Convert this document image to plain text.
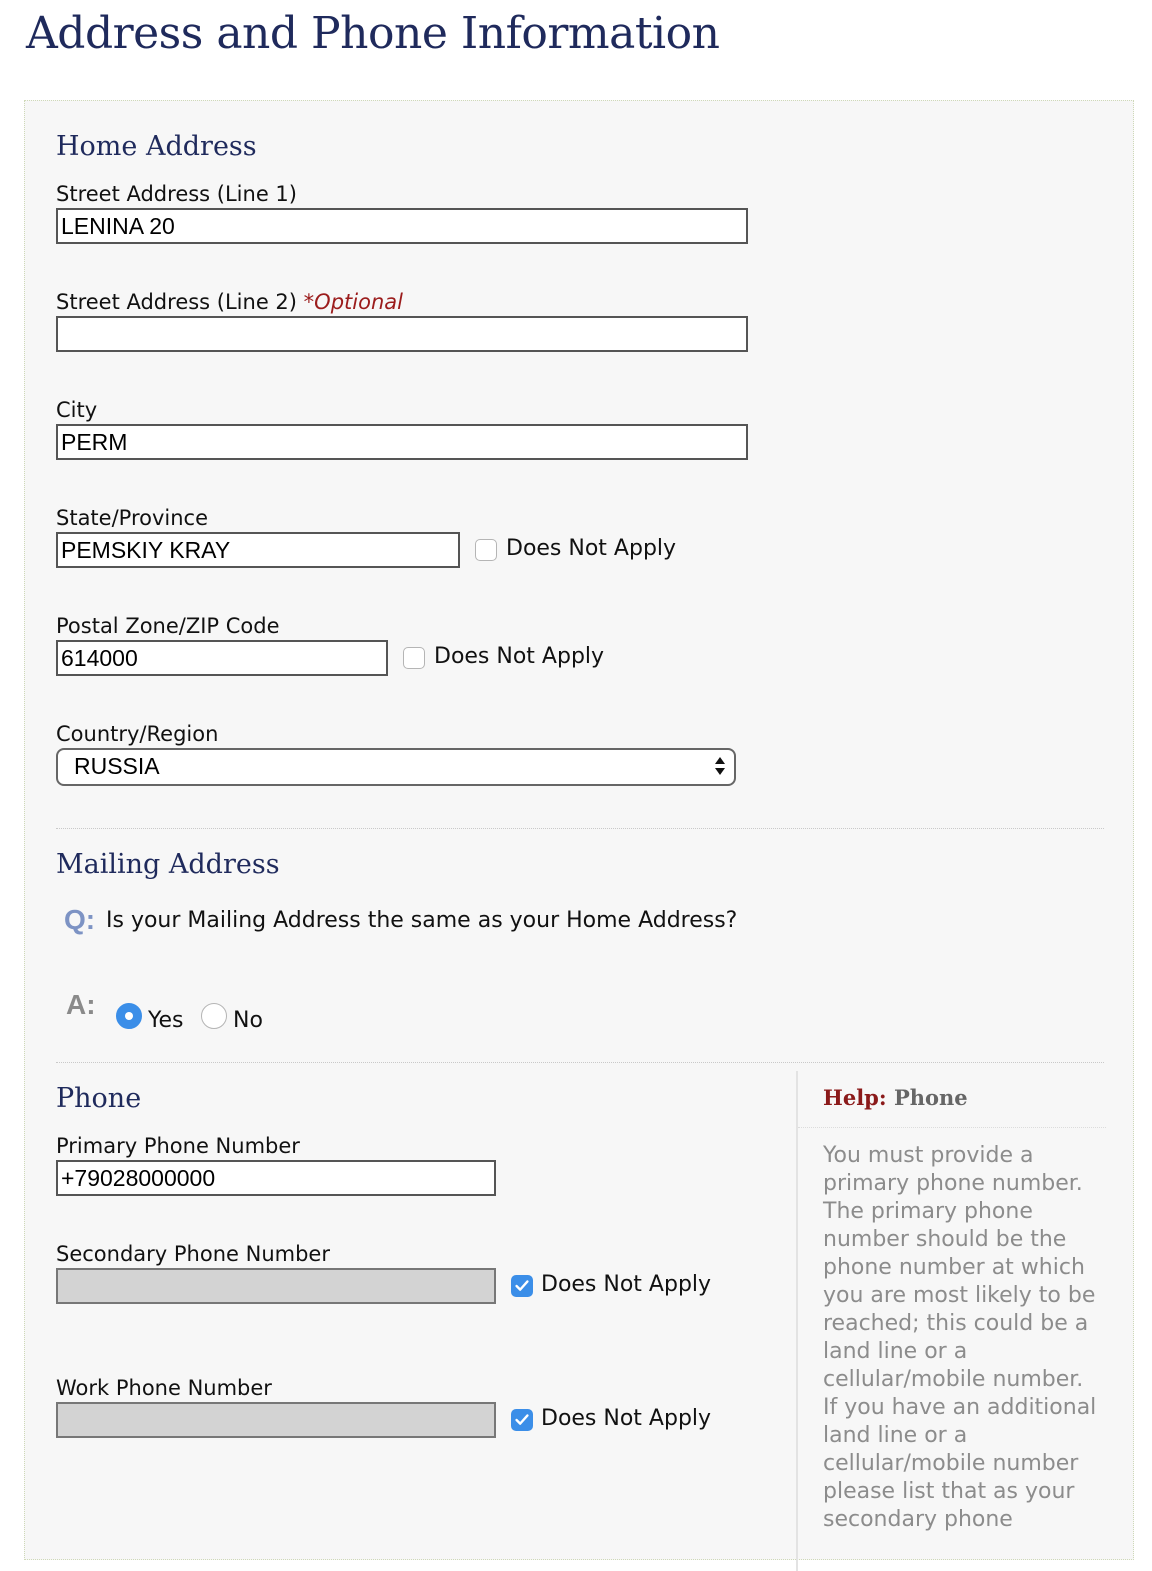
Address and Phone Information
Home Address
Street Address (Line 1)
LENINA 20
Street Address (Line 2) *Optional
City
PERM
State/Province
PEMSKIY KRAY
Does Not Apply
Postal Zone/ZIP Code
614000
Does Not Apply
Country/Region
RUSSIA
Mailing Address
Q: Is your Mailing Address the same as your Home Address?
A:
Yes No
Phone
Primary Phone Number
+79028000000
Secondary Phone Number
Does Not Apply
Work Phone Number
Does Not Apply
Help: Phone
You must provide a
primary phone number.
The primary phone
number should be the
phone number at which
you are most likely to be
reached; this could be a
land line or a
cellular/mobile number.
If you have an additional
land line or a
cellular/mobile number
please list that as your
secondary phone
